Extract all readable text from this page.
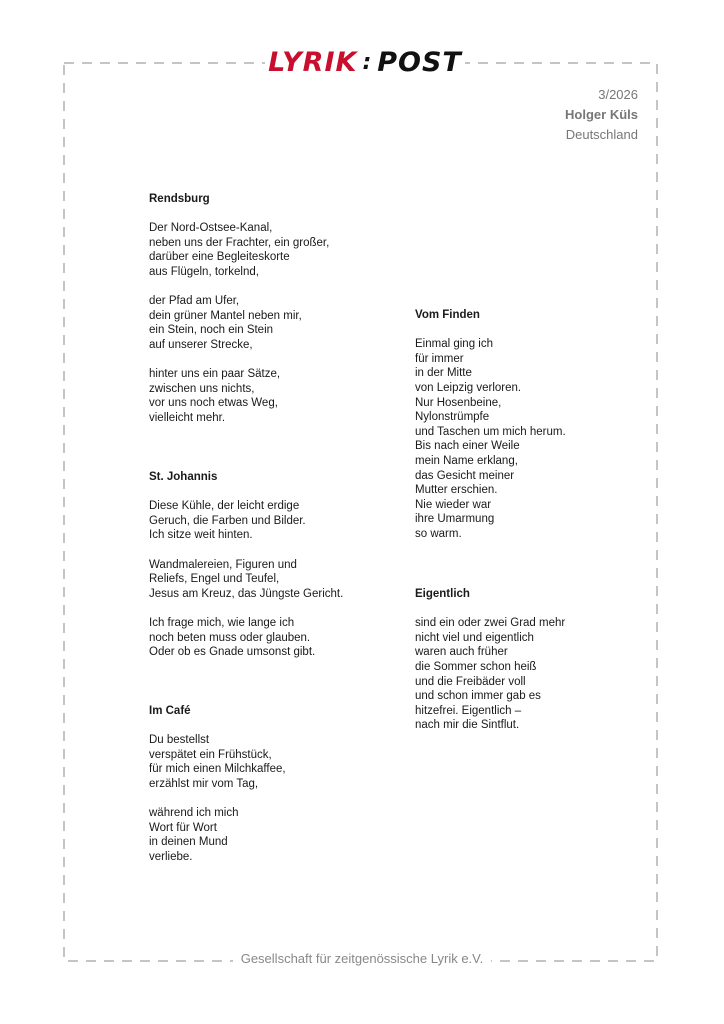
LYRIK : POST
3/2026
Holger Küls
Deutschland
Rendsburg
Der Nord-Ostsee-Kanal,
neben uns der Frachter, ein großer,
darüber eine Begleiteskorte
aus Flügeln, torkelnd,
der Pfad am Ufer,
dein grüner Mantel neben mir,
ein Stein, noch ein Stein
auf unserer Strecke,
hinter uns ein paar Sätze,
zwischen uns nichts,
vor uns noch etwas Weg,
vielleicht mehr.
St. Johannis
Diese Kühle, der leicht erdige
Geruch, die Farben und Bilder.
Ich sitze weit hinten.
Wandmalereien, Figuren und
Reliefs, Engel und Teufel,
Jesus am Kreuz, das Jüngste Gericht.
Ich frage mich, wie lange ich
noch beten muss oder glauben.
Oder ob es Gnade umsonst gibt.
Im Café
Du bestellst
verspätet ein Frühstück,
für mich einen Milchkaffee,
erzählst mir vom Tag,
während ich mich
Wort für Wort
in deinen Mund
verliebe.
Vom Finden
Einmal ging ich
für immer
in der Mitte
von Leipzig verloren.
Nur Hosenbeine,
Nylonstrümpfe
und Taschen um mich herum.
Bis nach einer Weile
mein Name erklang,
das Gesicht meiner
Mutter erschien.
Nie wieder war
ihre Umarmung
so warm.
Eigentlich
sind ein oder zwei Grad mehr
nicht viel und eigentlich
waren auch früher
die Sommer schon heiß
und die Freibäder voll
und schon immer gab es
hitzefrei. Eigentlich –
nach mir die Sintflut.
Gesellschaft für zeitgenössische Lyrik e.V.
